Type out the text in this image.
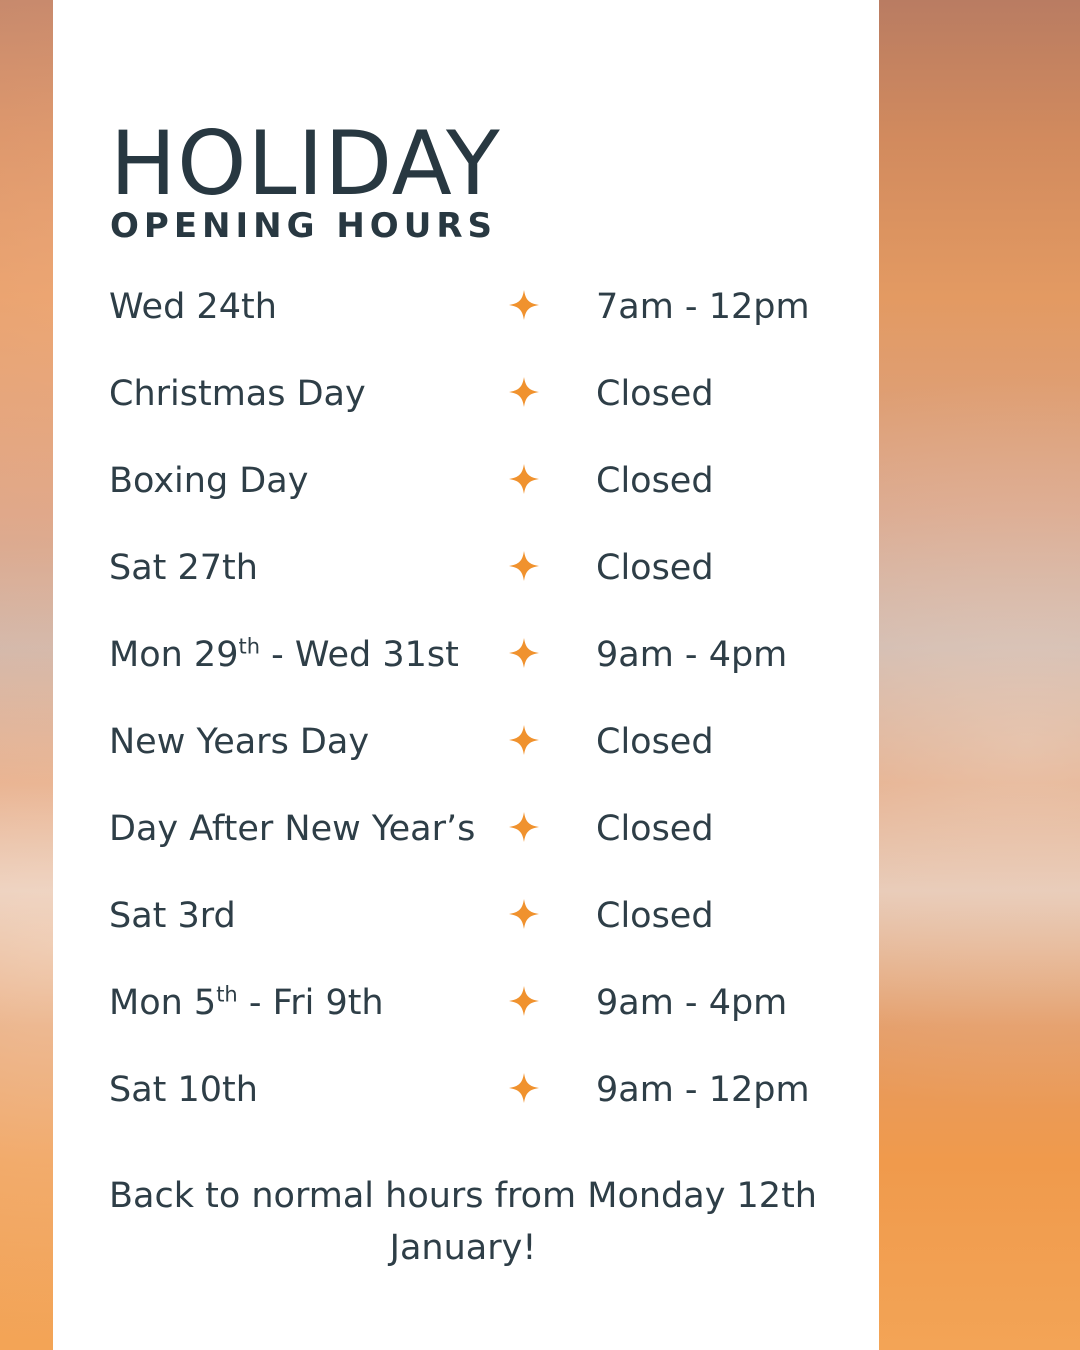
HOLIDAY
OPENING HOURS
Wed 24th	7am - 12pm
Christmas Day	Closed
Boxing Day	Closed
Sat 27th	Closed
Mon 29th - Wed 31st	9am - 4pm
New Years Day	Closed
Day After New Year’s	Closed
Sat 3rd	Closed
Mon 5th - Fri 9th	9am - 4pm
Sat 10th	9am - 12pm

Back to normal hours from Monday 12th January!
